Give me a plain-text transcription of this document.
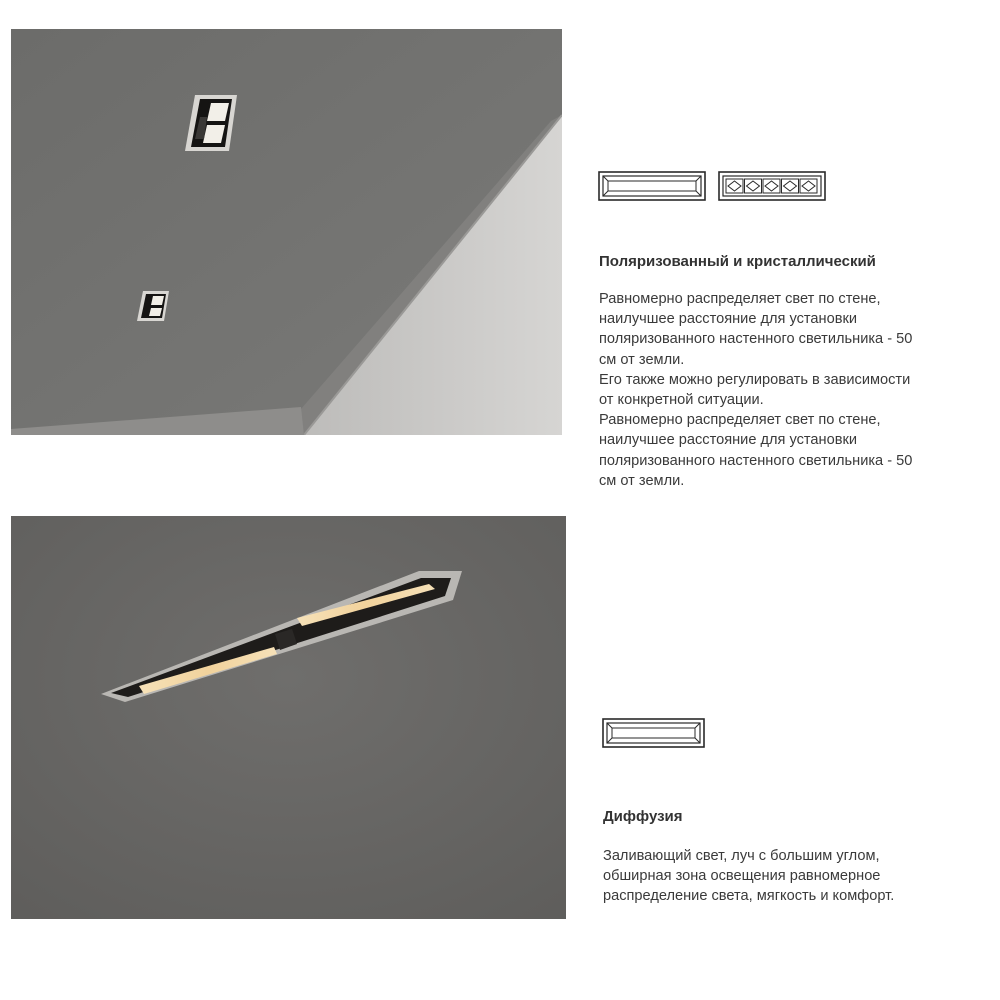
Поляризованный и кристаллический
Равномерно распределяет свет по стене,
наилучшее расстояние для установки
поляризованного настенного светильника - 50
см от земли.
Его также можно регулировать в зависимости
от конкретной ситуации.
Равномерно распределяет свет по стене,
наилучшее расстояние для установки
поляризованного настенного светильника - 50
см от земли.
Диффузия
Заливающий свет, луч с большим углом,
обширная зона освещения равномерное
распределение света, мягкость и комфорт.
